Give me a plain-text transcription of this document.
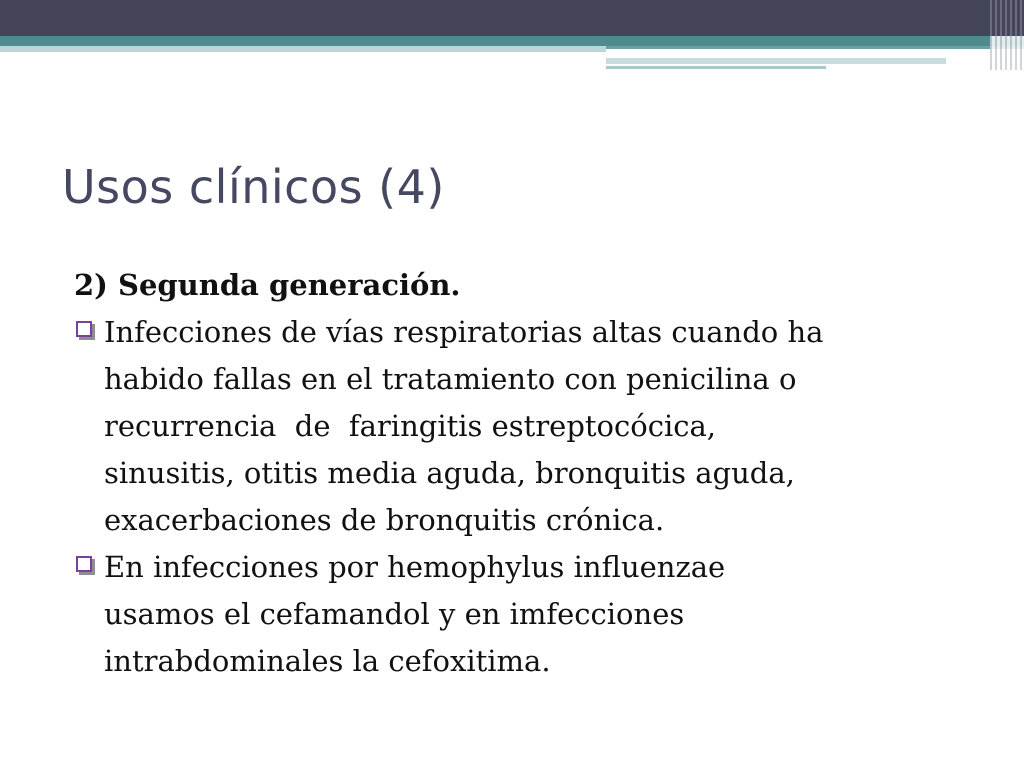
Usos clínicos (4)

2) Segunda generación.

Infecciones de vías respiratorias altas cuando ha
habido fallas en el tratamiento con penicilina o
recurrencia  de  faringitis estreptocócica,
sinusitis, otitis media aguda, bronquitis aguda,
exacerbaciones de bronquitis crónica.
En infecciones por hemophylus influenzae
usamos el cefamandol y en imfecciones
intrabdominales la cefoxitima.
